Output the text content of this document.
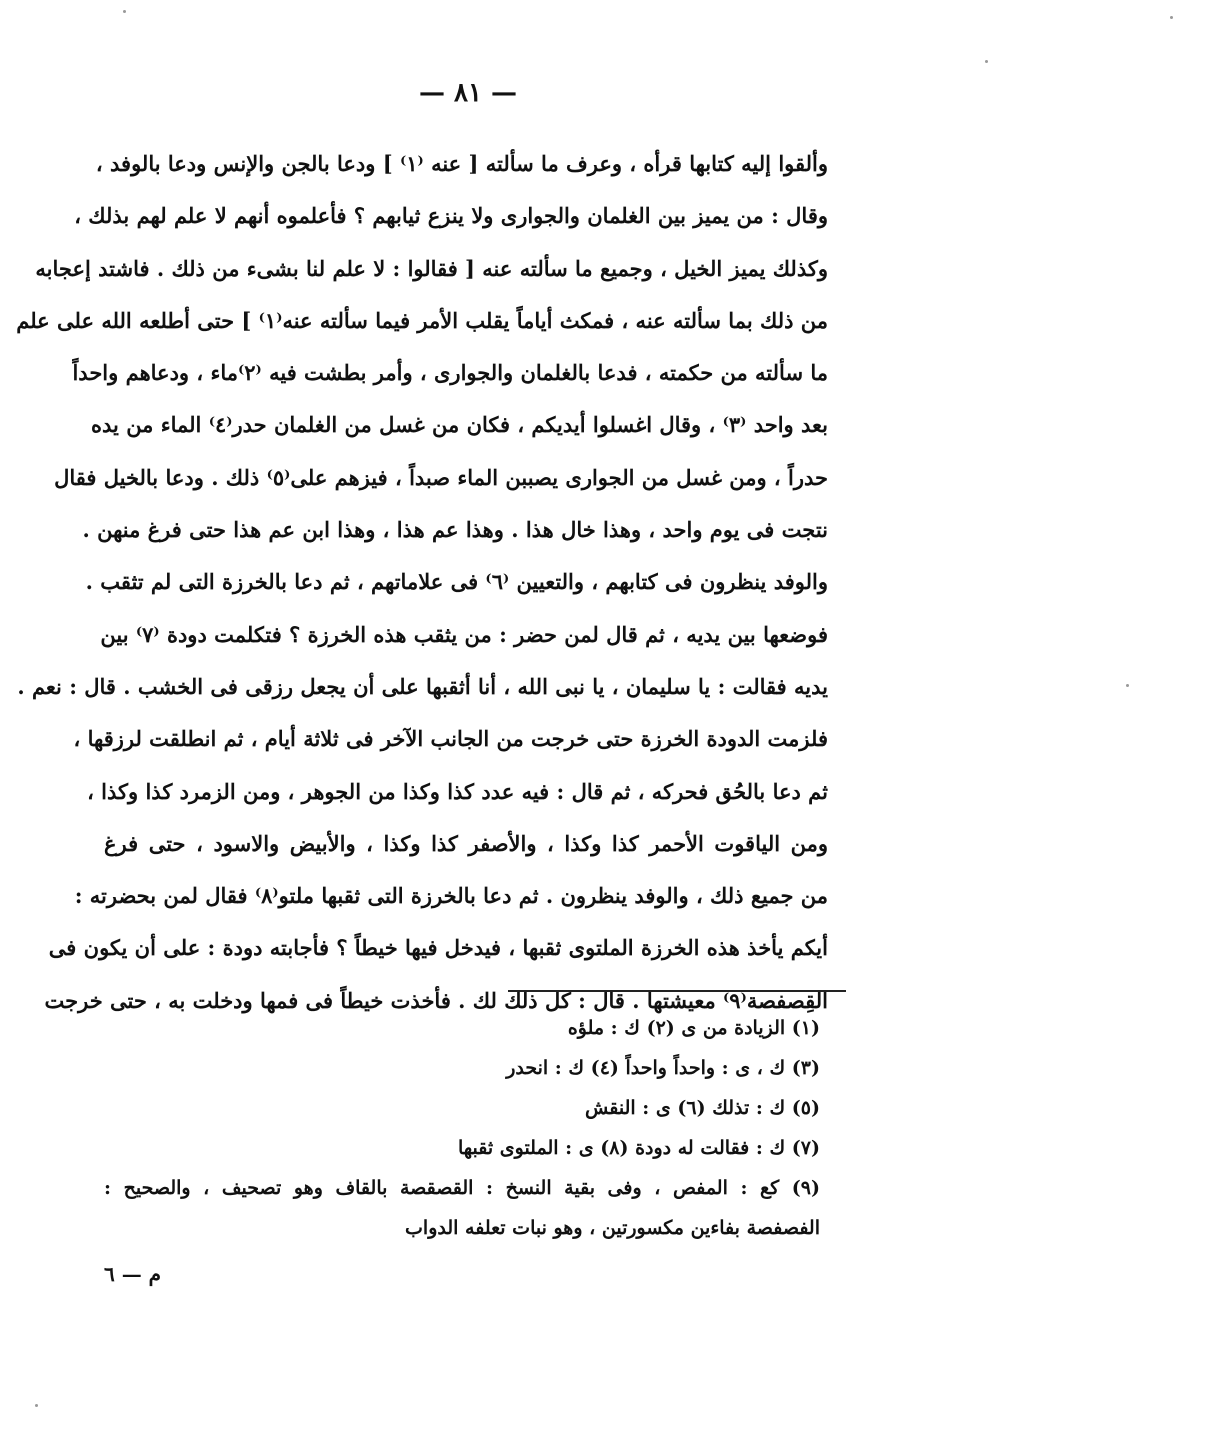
— ٨١ —
وألقوا إليه كتابها قرأه ، وعرف ما سألته [ عنه ⁽١⁾ ] ودعا بالجن والإنس ودعا بالوفد ،
وقال : من يميز بين الغلمان والجوارى ولا ينزع ثيابهم ؟ فأعلموه أنهم لا علم لهم بذلك ،
وكذلك يميز الخيل ، وجميع ما سألته عنه [ فقالوا : لا علم لنا بشىء من ذلك . فاشتد إعجابه
من ذلك بما سألته عنه ، فمكث أياماً يقلب الأمر فيما سألته عنه⁽١⁾ ] حتى أطلعه الله على علم
ما سألته من حكمته ، فدعا بالغلمان والجوارى ، وأمر بطشت فيه ⁽٢⁾ماء ، ودعاهم واحداً
بعد واحد ⁽٣⁾ ، وقال اغسلوا أيديكم ، فكان من غسل من الغلمان حدر⁽٤⁾ الماء من يده
حدراً ، ومن غسل من الجوارى يصببن الماء صبداً ، فيزهم على⁽٥⁾ ذلك . ودعا بالخيل فقال
نتجت فى يوم واحد ، وهذا خال هذا . وهذا عم هذا ، وهذا ابن عم هذا حتى فرغ منهن .
والوفد ينظرون فى كتابهم ، والتعيين ⁽٦⁾ فى علاماتهم ، ثم دعا بالخرزة التى لم تثقب .
فوضعها بين يديه ، ثم قال لمن حضر : من يثقب هذه الخرزة ؟ فتكلمت دودة ⁽٧⁾ بين
يديه فقالت : يا سليمان ، يا نبى الله ، أنا أثقبها على أن يجعل رزقى فى الخشب . قال : نعم .
فلزمت الدودة الخرزة حتى خرجت من الجانب الآخر فى ثلاثة أيام ، ثم انطلقت لرزقها ،
ثم دعا بالحُق فحركه ، ثم قال : فيه عدد كذا وكذا من الجوهر ، ومن الزمرد كذا وكذا ،
ومن الياقوت الأحمر كذا وكذا ، والأصفر كذا وكذا ، والأبيض والاسود ، حتى فرغ
من جميع ذلك ، والوفد ينظرون . ثم دعا بالخرزة التى ثقبها ملتو⁽٨⁾ فقال لمن بحضرته :
أيكم يأخذ هذه الخرزة الملتوى ثقبها ، فيدخل فيها خيطاً ؟ فأجابته دودة : على أن يكون فى
القِصفصة⁽٩⁾ معيشتها . قال : كل ذلك لك . فأخذت خيطاً فى فمها ودخلت به ، حتى خرجت
(١) الزيادة من ى (٢) ك : ملؤه
(٣) ك ، ى : واحداً واحداً (٤) ك : انحدر
(٥) ك : تذلك (٦) ى : النقش
(٧) ك : فقالت له دودة (٨) ى : الملتوى ثقبها
(٩) كع : المفص ، وفى بقية النسخ : القصقصة بالقاف وهو تصحيف ، والصحيح :
الفصفصة بفاءين مكسورتين ، وهو نبات تعلفه الدواب
م — ٦
